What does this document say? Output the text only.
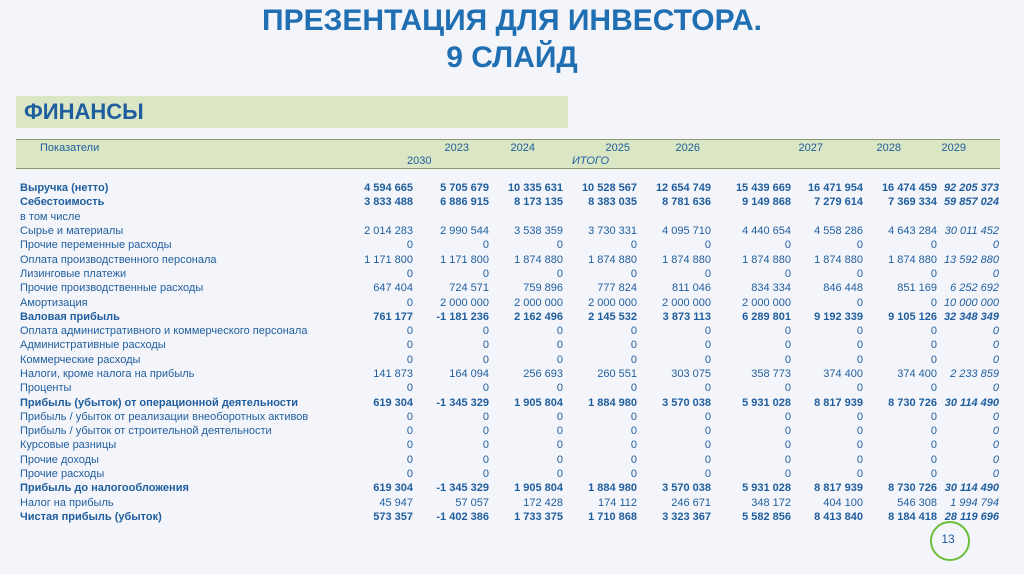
ПРЕЗЕНТАЦИЯ ДЛЯ ИНВЕСТОРА.
9 СЛАЙД
ФИНАНСЫ
Показатели	2023	2024	2025	2026	2027	2028	2029
2030	ИТОГО
Выручка (нетто)	4 594 665	5 705 679	10 335 631	10 528 567	12 654 749	15 439 669	16 471 954	16 474 459	92 205 373
Себестоимость	3 833 488	6 886 915	8 173 135	8 383 035	8 781 636	9 149 868	7 279 614	7 369 334	59 857 024
в том числе									
Сырье и материалы	2 014 283	2 990 544	3 538 359	3 730 331	4 095 710	4 440 654	4 558 286	4 643 284	30 011 452
Прочие переменные расходы	0	0	0	0	0	0	0	0	0
Оплата производственного персонала	1 171 800	1 171 800	1 874 880	1 874 880	1 874 880	1 874 880	1 874 880	1 874 880	13 592 880
Лизинговые платежи	0	0	0	0	0	0	0	0	0
Прочие производственные расходы	647 404	724 571	759 896	777 824	811 046	834 334	846 448	851 169	6 252 692
Амортизация	0	2 000 000	2 000 000	2 000 000	2 000 000	2 000 000	0	0	10 000 000
Валовая прибыль	761 177	-1 181 236	2 162 496	2 145 532	3 873 113	6 289 801	9 192 339	9 105 126	32 348 349
Оплата административного и коммерческого персонала	0	0	0	0	0	0	0	0	0
Административные расходы	0	0	0	0	0	0	0	0	0
Коммерческие расходы	0	0	0	0	0	0	0	0	0
Налоги, кроме налога на прибыль	141 873	164 094	256 693	260 551	303 075	358 773	374 400	374 400	2 233 859
Проценты	0	0	0	0	0	0	0	0	0
Прибыль (убыток) от операционной деятельности	619 304	-1 345 329	1 905 804	1 884 980	3 570 038	5 931 028	8 817 939	8 730 726	30 114 490
Прибыль / убыток от реализации внеоборотных активов	0	0	0	0	0	0	0	0	0
Прибыль / убыток от строительной деятельности	0	0	0	0	0	0	0	0	0
Курсовые разницы	0	0	0	0	0	0	0	0	0
Прочие доходы	0	0	0	0	0	0	0	0	0
Прочие расходы	0	0	0	0	0	0	0	0	0
Прибыль до налогообложения	619 304	-1 345 329	1 905 804	1 884 980	3 570 038	5 931 028	8 817 939	8 730 726	30 114 490
Налог на прибыль	45 947	57 057	172 428	174 112	246 671	348 172	404 100	546 308	1 994 794
Чистая прибыль (убыток)	573 357	-1 402 386	1 733 375	1 710 868	3 323 367	5 582 856	8 413 840	8 184 418	28 119 696
13
